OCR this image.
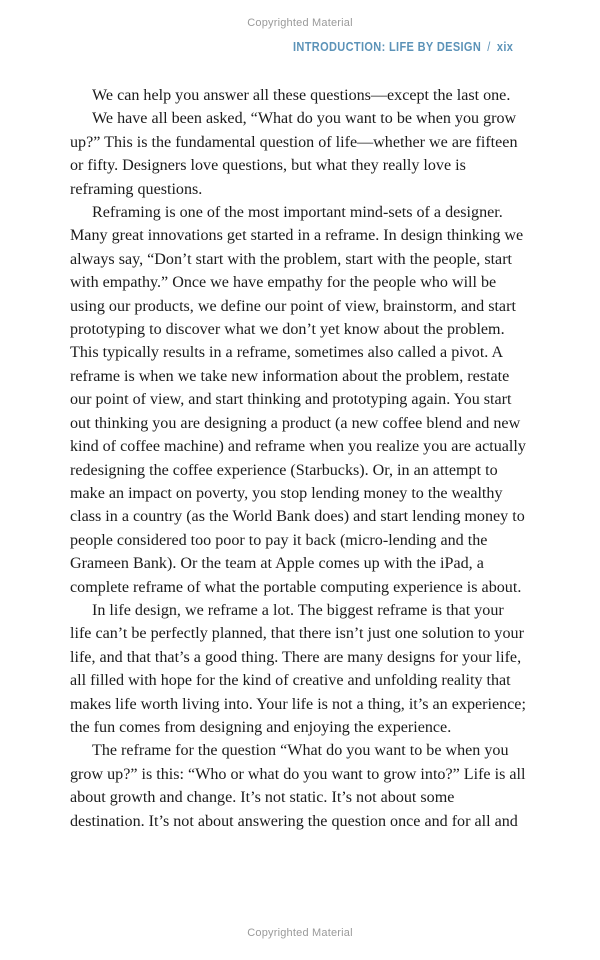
Copyrighted Material
INTRODUCTION: LIFE BY DESIGN / xix

We can help you answer all these questions—except the last one.

We have all been asked, “What do you want to be when you grow up?” This is the fundamental question of life—whether we are fifteen or fifty. Designers love questions, but what they really love is reframing questions.

Reframing is one of the most important mind-sets of a designer. Many great innovations get started in a reframe. In design thinking we always say, “Don’t start with the problem, start with the people, start with empathy.” Once we have empathy for the people who will be using our products, we define our point of view, brainstorm, and start prototyping to discover what we don’t yet know about the problem. This typically results in a reframe, sometimes also called a pivot. A reframe is when we take new information about the problem, restate our point of view, and start thinking and prototyping again. You start out thinking you are designing a product (a new coffee blend and new kind of coffee machine) and reframe when you realize you are actually redesigning the coffee experience (Starbucks). Or, in an attempt to make an impact on poverty, you stop lending money to the wealthy class in a country (as the World Bank does) and start lending money to people considered too poor to pay it back (micro-lending and the Grameen Bank). Or the team at Apple comes up with the iPad, a complete reframe of what the portable computing experience is about.

In life design, we reframe a lot. The biggest reframe is that your life can’t be perfectly planned, that there isn’t just one solution to your life, and that that’s a good thing. There are many designs for your life, all filled with hope for the kind of creative and unfolding reality that makes life worth living into. Your life is not a thing, it’s an experience; the fun comes from designing and enjoying the experience.

The reframe for the question “What do you want to be when you grow up?” is this: “Who or what do you want to grow into?” Life is all about growth and change. It’s not static. It’s not about some destination. It’s not about answering the question once and for all and

Copyrighted Material
